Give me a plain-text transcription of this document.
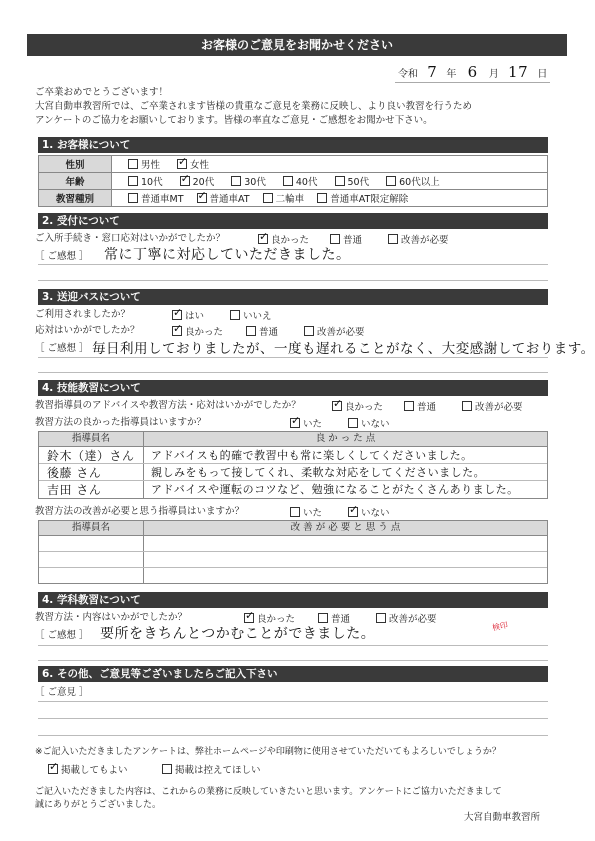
お客様のご意見をお聞かせください
令和 7 年 6 月 17 日
ご卒業おめでとうございます！
大宮自動車教習所では、ご卒業されます皆様の貴重なご意見を業務に反映し、より良い教習を行うため
アンケートのご協力をお願いしております。皆様の率直なご意見・ご感想をお聞かせ下さい。
1. お客様について
性別	男性 ✓ 女性
年齢	10代 ✓ 20代 30代 40代 50代 60代以上
教習種別	普通車MT ✓ 普通車AT 二輪車 普通車AT限定解除
2. 受付について
ご入所手続き・窓口応対はいかがでしたか？ ✓	良かった	普通	改善が必要
［ ご感想 ］ 常に丁寧に対応していただきました。
3. 送迎バスについて
ご利用されましたか？ ✓	はい	いいえ
応対はいかがでしたか？ ✓	良かった	普通	改善が必要
［ ご感想 ］ 毎日利用しておりましたが、一度も遅れることがなく、大変感謝しております。
4. 技能教習について
教習指導員のアドバイスや教習方法・応対はいかがでしたか？ ✓	良かった	普通	改善が必要
教習方法の良かった指導員はいますか？ ✓	いた	いない
指導員名	良 か っ た 点
鈴木（達）さん アドバイスも的確で教習中も常に楽しくしてくださいました。
後藤 さん	親しみをもって接してくれ、柔軟な対応をしてくださいました。
吉田 さん	アドバイスや運転のコツなど、勉強になることがたくさんありました。
教習方法の改善が必要と思う指導員はいますか？	いた ✓	いない
指導員名	改 善 が 必 要 と 思 う 点
4. 学科教習について
教習方法・内容はいかがでしたか？ ✓	良かった	普通	改善が必要
［ ご感想 ］ 要所をきちんとつかむことができました。	検印
6. その他、ご意見等ございましたらご記入下さい
［ ご意見 ］
※ご記入いただきましたアンケートは、弊社ホームページや印刷物に使用させていただいてもよろしいでしょうか？
✓掲載してもよい	掲載は控えてほしい
ご記入いただきました内容は、これからの業務に反映していきたいと思います。アンケートにご協力いただきまして
誠にありがとうございました。
大宮自動車教習所
